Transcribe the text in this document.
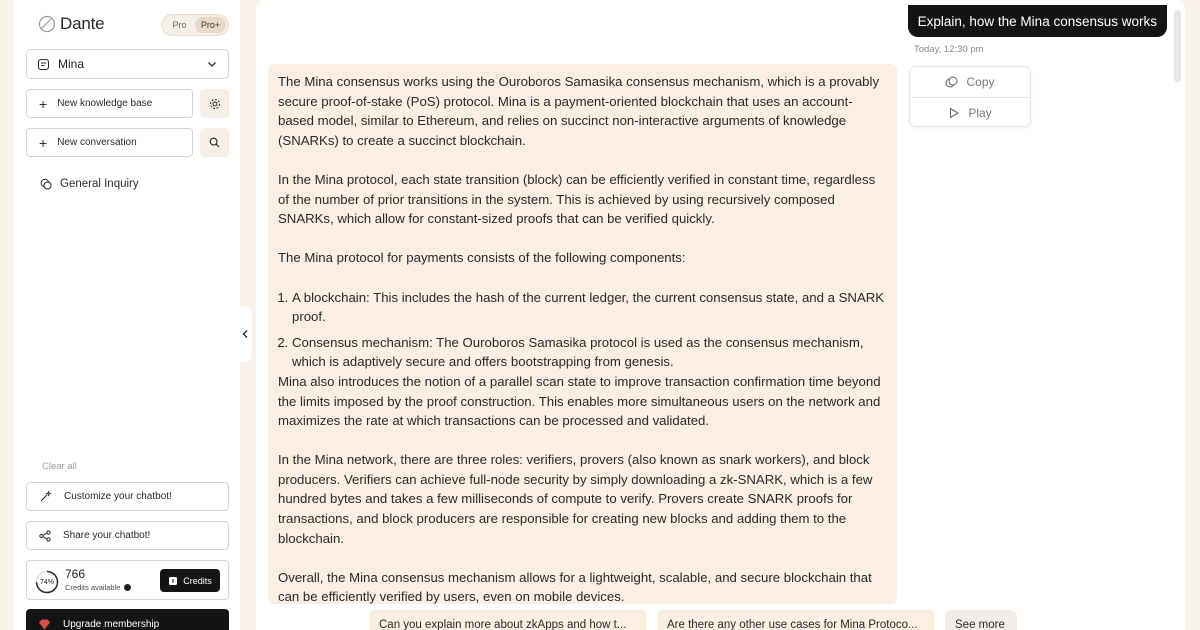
Dante	Pro	Pro+
Mina
+ New knowledge base
+ New conversation
General Inquiry
Clear all
Customize your chatbot!
Share your chatbot!
74%
766
Credits available
Credits
Upgrade membership
Explain, how the Mina consensus works
Today, 12:30 pm

The Mina consensus works using the Ouroboros Samasika consensus mechanism, which is a provably secure proof-of-stake (PoS) protocol. Mina is a payment-oriented blockchain that uses an account-based model, similar to Ethereum, and relies on succinct non-interactive arguments of knowledge (SNARKs) to create a succinct blockchain.

In the Mina protocol, each state transition (block) can be efficiently verified in constant time, regardless of the number of prior transitions in the system. This is achieved by using recursively composed SNARKs, which allow for constant-sized proofs that can be verified quickly.

The Mina protocol for payments consists of the following components:

1. A blockchain: This includes the hash of the current ledger, the current consensus state, and a SNARK proof.
2. Consensus mechanism: The Ouroboros Samasika protocol is used as the consensus mechanism, which is adaptively secure and offers bootstrapping from genesis.

Mina also introduces the notion of a parallel scan state to improve transaction confirmation time beyond the limits imposed by the proof construction. This enables more simultaneous users on the network and maximizes the rate at which transactions can be processed and validated.

In the Mina network, there are three roles: verifiers, provers (also known as snark workers), and block producers. Verifiers can achieve full-node security by simply downloading a zk-SNARK, which is a few hundred bytes and takes a few milliseconds of compute to verify. Provers create SNARK proofs for transactions, and block producers are responsible for creating new blocks and adding them to the blockchain.

Overall, the Mina consensus mechanism allows for a lightweight, scalable, and secure blockchain that can be efficiently verified by users, even on mobile devices.

Copy
Play
Can you explain more about zkApps and how t...	Are there any other use cases for Mina Protoco...	See more
